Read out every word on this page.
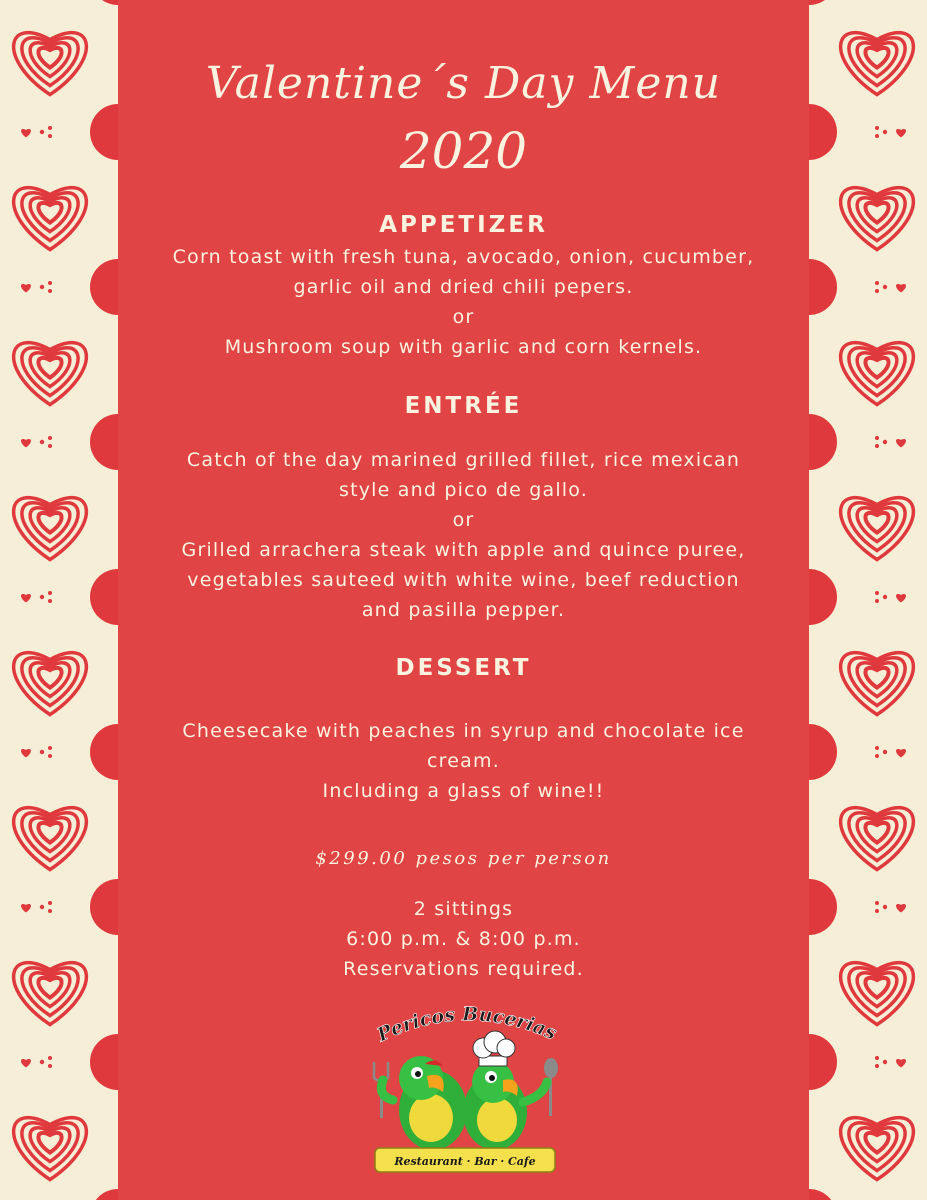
Valentine´s Day Menu
2020
APPETIZER
Corn toast with fresh tuna, avocado, onion, cucumber,
garlic oil and dried chili pepers.
or
Mushroom soup with garlic and corn kernels.
ENTRÉE
Catch of the day marined grilled fillet, rice mexican
style and pico de gallo.
or
Grilled arrachera steak with apple and quince puree,
vegetables sauteed with white wine, beef reduction
and pasilla pepper.
DESSERT
Cheesecake with peaches in syrup and chocolate ice
cream.
Including a glass of wine!!
$299.00 pesos per person
2 sittings
6:00 p.m. & 8:00 p.m.
Reservations required.
Pericos Bucerias
Restaurant · Bar · Cafe
